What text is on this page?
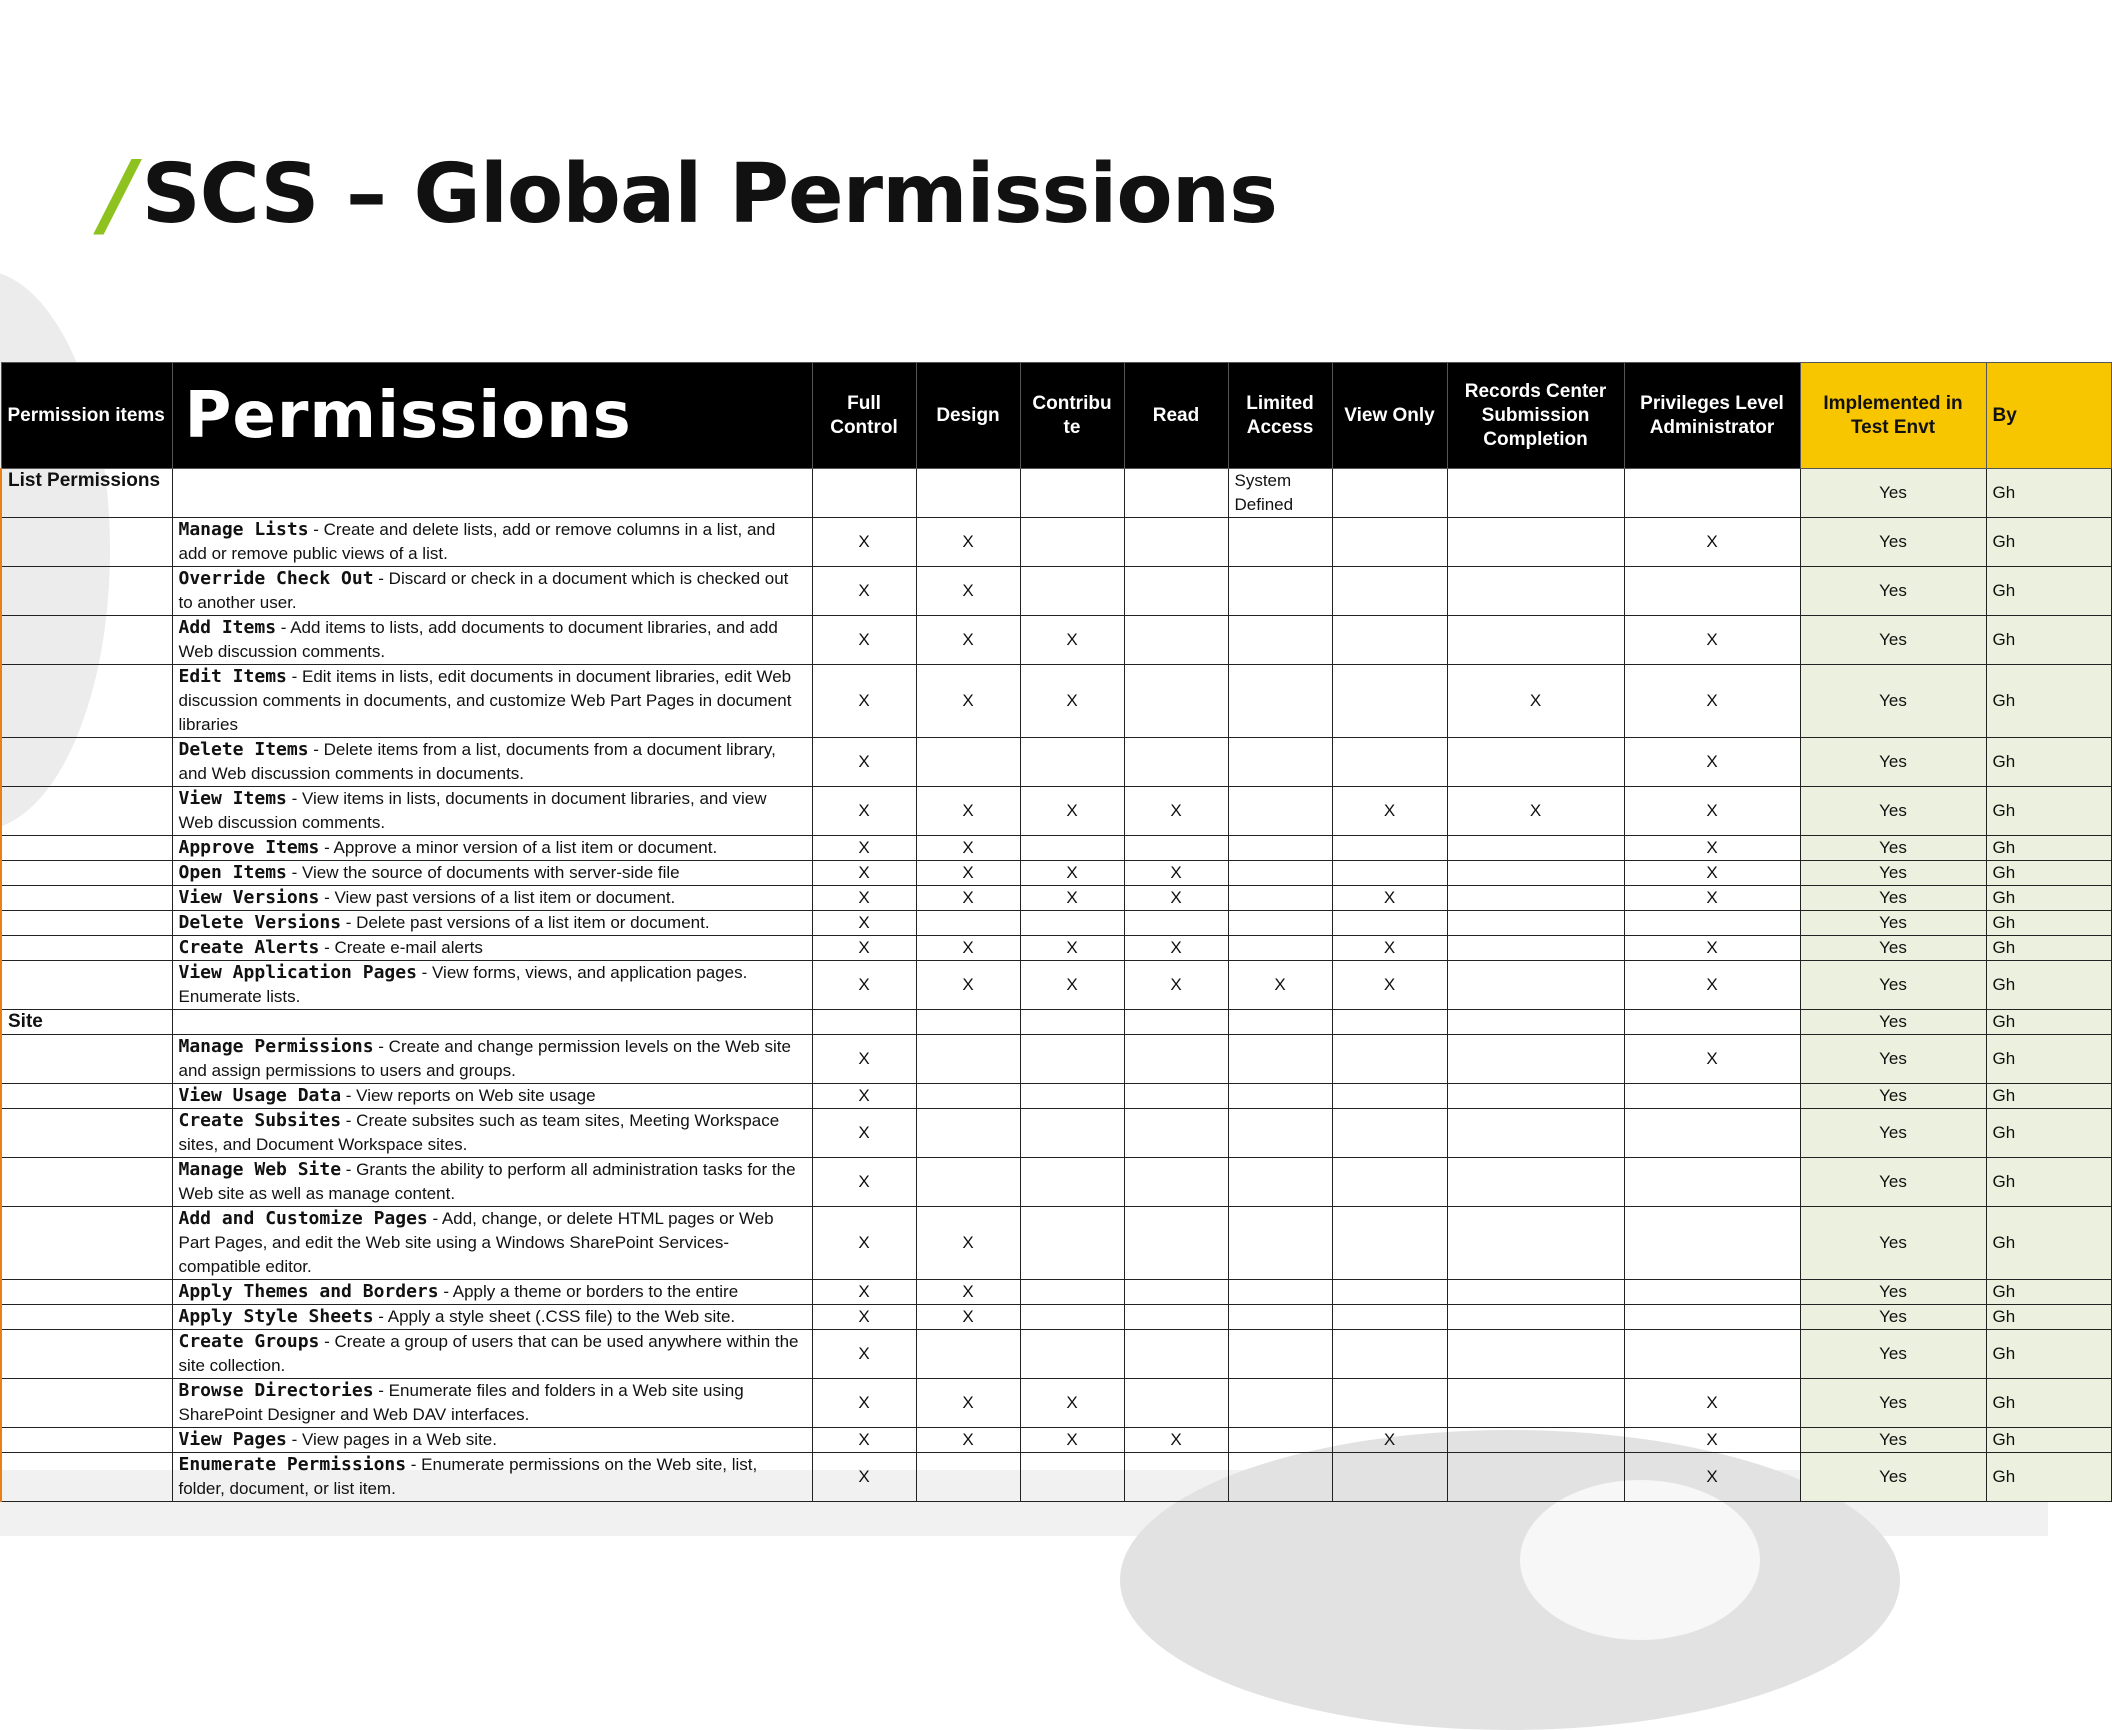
/ SCS – Global Permissions
Permission items	Permissions	Full Control	Design	Contribu te	Read	Limited Access	View Only	Records Center Submission Completion	Privileges Level Administrator	Implemented in Test Envt	By
List Permissions						System Defined				Yes	Gh
	Manage Lists - Create and delete lists, add or remove columns in a list, and add or remove public views of a list.	X	X						X	Yes	Gh
	Override Check Out - Discard or check in a document which is checked out to another user.	X	X							Yes	Gh
	Add Items - Add items to lists, add documents to document libraries, and add Web discussion comments.	X	X	X					X	Yes	Gh
	Edit Items - Edit items in lists, edit documents in document libraries, edit Web discussion comments in documents, and customize Web Part Pages in document libraries	X	X	X				X	X	Yes	Gh
	Delete Items - Delete items from a list, documents from a document library, and Web discussion comments in documents.	X							X	Yes	Gh
	View Items - View items in lists, documents in document libraries, and view Web discussion comments.	X	X	X	X		X	X	X	Yes	Gh
	Approve Items - Approve a minor version of a list item or document.	X	X						X	Yes	Gh
	Open Items - View the source of documents with server-side file	X	X	X	X				X	Yes	Gh
	View Versions - View past versions of a list item or document.	X	X	X	X		X		X	Yes	Gh
	Delete Versions - Delete past versions of a list item or document.	X								Yes	Gh
	Create Alerts - Create e-mail alerts	X	X	X	X		X		X	Yes	Gh
	View Application Pages - View forms, views, and application pages. Enumerate lists.	X	X	X	X	X	X		X	Yes	Gh
Site										Yes	Gh
	Manage Permissions - Create and change permission levels on the Web site and assign permissions to users and groups.	X							X	Yes	Gh
	View Usage Data - View reports on Web site usage	X								Yes	Gh
	Create Subsites - Create subsites such as team sites, Meeting Workspace sites, and Document Workspace sites.	X								Yes	Gh
	Manage Web Site - Grants the ability to perform all administration tasks for the Web site as well as manage content.	X								Yes	Gh
	Add and Customize Pages - Add, change, or delete HTML pages or Web Part Pages, and edit the Web site using a Windows SharePoint Services-compatible editor.	X	X							Yes	Gh
	Apply Themes and Borders - Apply a theme or borders to the entire	X	X							Yes	Gh
	Apply Style Sheets - Apply a style sheet (.CSS file) to the Web site.	X	X							Yes	Gh
	Create Groups - Create a group of users that can be used anywhere within the site collection.	X								Yes	Gh
	Browse Directories - Enumerate files and folders in a Web site using SharePoint Designer and Web DAV interfaces.	X	X	X					X	Yes	Gh
	View Pages - View pages in a Web site.	X	X	X	X		X		X	Yes	Gh
	Enumerate Permissions - Enumerate permissions on the Web site, list, folder, document, or list item.	X							X	Yes	Gh
